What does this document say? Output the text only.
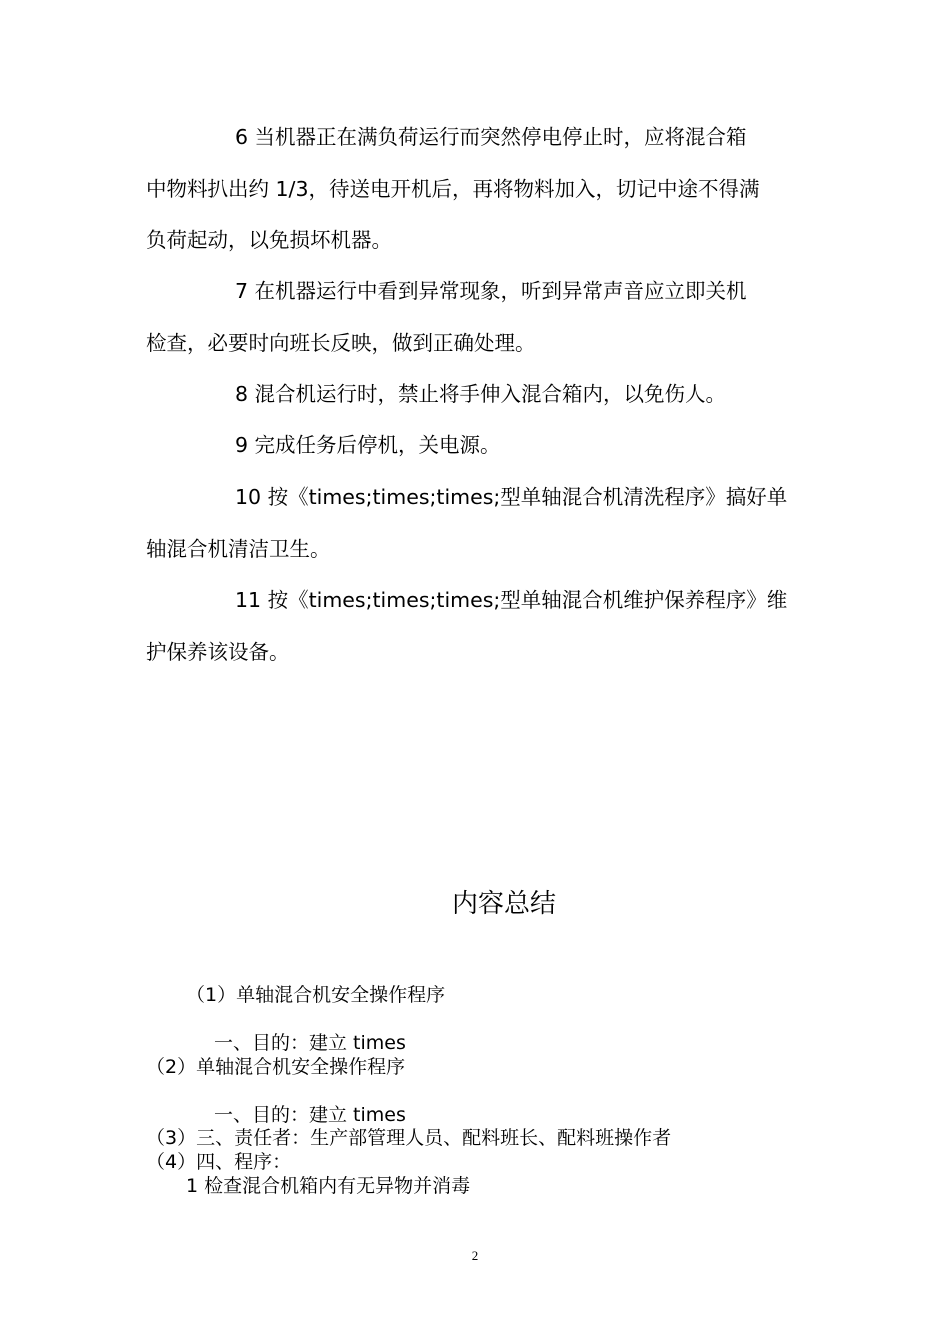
6 当机器正在满负荷运行而突然停电停止时，应将混合箱
中物料扒出约 1/3，待送电开机后，再将物料加入，切记中途不得满
负荷起动，以免损坏机器。
7 在机器运行中看到异常现象，听到异常声音应立即关机
检查，必要时向班长反映，做到正确处理。
8 混合机运行时，禁止将手伸入混合箱内，以免伤人。
9 完成任务后停机，关电源。
10 按《times;times;times;型单轴混合机清洗程序》搞好单
轴混合机清洁卫生。
11 按《times;times;times;型单轴混合机维护保养程序》维
护保养该设备。
内容总结

（1）单轴混合机安全操作程序

一、目的：建立 times

（2）单轴混合机安全操作程序

一、目的：建立 times

（3）三、责任者：生产部管理人员、配料班长、配料班操作者

（4）四、程序：

1 检查混合机箱内有无异物并消毒

2
